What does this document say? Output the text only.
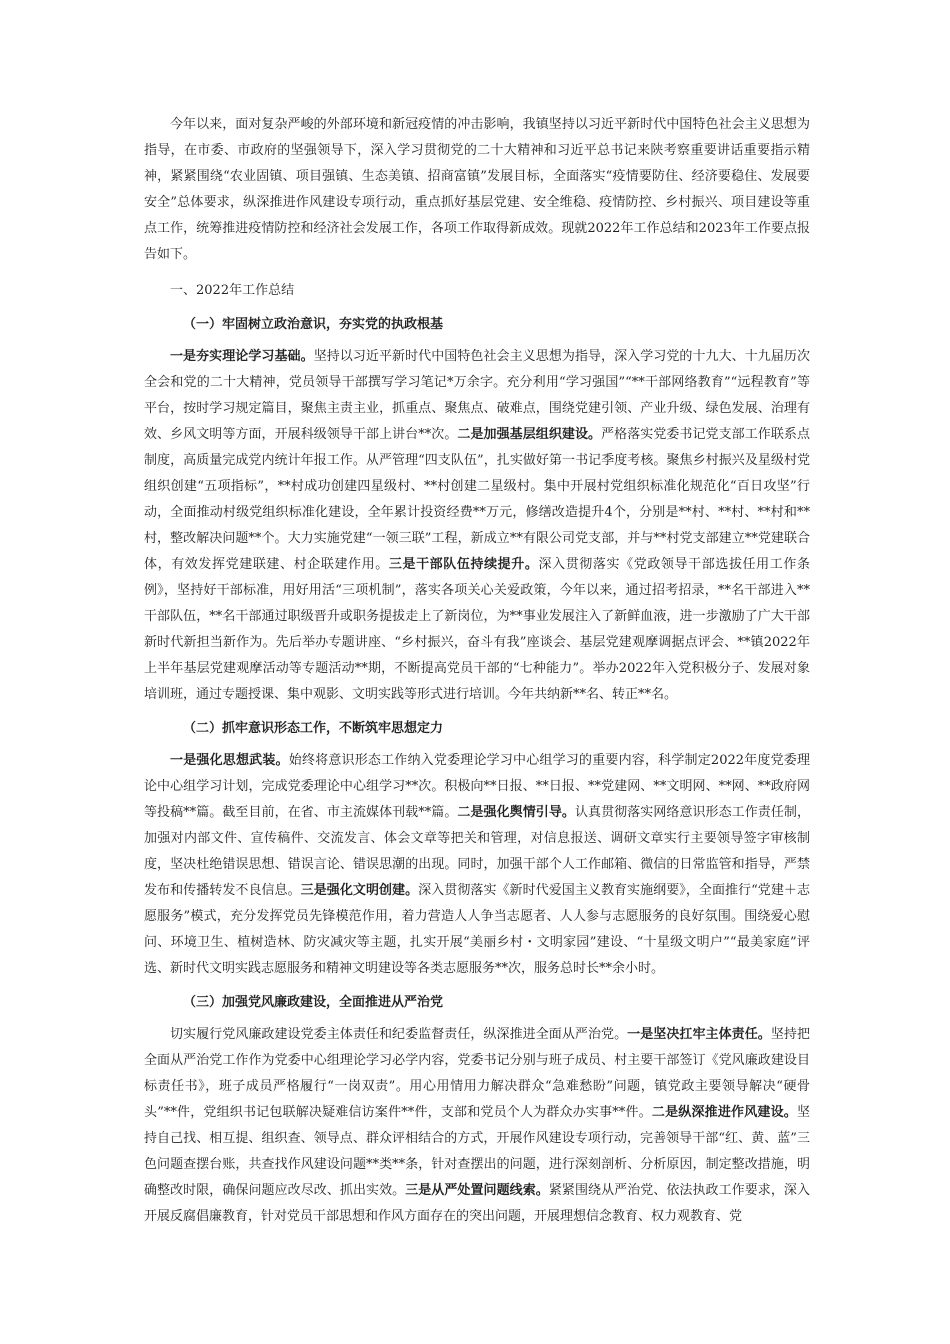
今年以来，面对复杂严峻的外部环境和新冠疫情的冲击影响，我镇坚持以习近平新时代中国特色社会主义思想为指导，在市委、市政府的坚强领导下，深入学习贯彻党的二十大精神和习近平总书记来陕考察重要讲话重要指示精神，紧紧围绕“农业固镇、项目强镇、生态美镇、招商富镇”发展目标，全面落实“疫情要防住、经济要稳住、发展要安全”总体要求，纵深推进作风建设专项行动，重点抓好基层党建、安全维稳、疫情防控、乡村振兴、项目建设等重点工作，统筹推进疫情防控和经济社会发展工作，各项工作取得新成效。现就2022年工作总结和2023年工作要点报告如下。

一、2022年工作总结

（一）牢固树立政治意识，夯实党的执政根基

一是夯实理论学习基础。坚持以习近平新时代中国特色社会主义思想为指导，深入学习党的十九大、十九届历次全会和党的二十大精神，党员领导干部撰写学习笔记*万余字。充分利用“学习强国”“**干部网络教育”“远程教育”等平台，按时学习规定篇目，聚焦主责主业，抓重点、聚焦点、破难点，围绕党建引领、产业升级、绿色发展、治理有效、乡风文明等方面，开展科级领导干部上讲台**次。二是加强基层组织建设。严格落实党委书记党支部工作联系点制度，高质量完成党内统计年报工作。从严管理“四支队伍”，扎实做好第一书记季度考核。聚焦乡村振兴及星级村党组织创建“五项指标”，**村成功创建四星级村、**村创建二星级村。集中开展村党组织标准化规范化“百日攻坚”行动，全面推动村级党组织标准化建设，全年累计投资经费**万元，修缮改造提升4个，分别是**村、**村、**村和**村，整改解决问题**个。大力实施党建“一领三联”工程，新成立**有限公司党支部，并与**村党支部建立**党建联合体，有效发挥党建联建、村企联建作用。三是干部队伍持续提升。深入贯彻落实《党政领导干部选拔任用工作条例》，坚持好干部标准，用好用活“三项机制”，落实各项关心关爱政策，今年以来，通过招考招录，**名干部进入**干部队伍，**名干部通过职级晋升或职务提拔走上了新岗位，为**事业发展注入了新鲜血液，进一步激励了广大干部新时代新担当新作为。先后举办专题讲座、“乡村振兴，奋斗有我”座谈会、基层党建观摩调据点评会、**镇2022年上半年基层党建观摩活动等专题活动**期，不断提高党员干部的“七种能力”。举办2022年入党积极分子、发展对象培训班，通过专题授课、集中观影、文明实践等形式进行培训。今年共纳新**名、转正**名。

（二）抓牢意识形态工作，不断筑牢思想定力

一是强化思想武装。始终将意识形态工作纳入党委理论学习中心组学习的重要内容，科学制定2022年度党委理论中心组学习计划，完成党委理论中心组学习**次。积极向**日报、**日报、**党建网、**文明网、**网、**政府网等投稿**篇。截至目前，在省、市主流媒体刊载**篇。二是强化舆情引导。认真贯彻落实网络意识形态工作责任制，加强对内部文件、宣传稿件、交流发言、体会文章等把关和管理，对信息报送、调研文章实行主要领导签字审核制度，坚决杜绝错误思想、错误言论、错误思潮的出现。同时，加强干部个人工作邮箱、微信的日常监管和指导，严禁发布和传播转发不良信息。三是强化文明创建。深入贯彻落实《新时代爱国主义教育实施纲要》，全面推行“党建＋志愿服务”模式，充分发挥党员先锋模范作用，着力营造人人争当志愿者、人人参与志愿服务的良好氛围。围绕爱心慰问、环境卫生、植树造林、防灾减灾等主题，扎实开展“美丽乡村・文明家园”建设、“十星级文明户”“最美家庭”评选、新时代文明实践志愿服务和精神文明建设等各类志愿服务**次，服务总时长**余小时。

（三）加强党风廉政建设，全面推进从严治党

切实履行党风廉政建设党委主体责任和纪委监督责任，纵深推进全面从严治党。一是坚决扛牢主体责任。坚持把全面从严治党工作作为党委中心组理论学习必学内容，党委书记分别与班子成员、村主要干部签订《党风廉政建设目标责任书》，班子成员严格履行“一岗双责”。用心用情用力解决群众“急难愁盼”问题，镇党政主要领导解决“硬骨头”**件，党组织书记包联解决疑难信访案件**件，支部和党员个人为群众办实事**件。二是纵深推进作风建设。坚持自己找、相互提、组织查、领导点、群众评相结合的方式，开展作风建设专项行动，完善领导干部“红、黄、蓝”三色问题查摆台账，共查找作风建设问题**类**条，针对查摆出的问题，进行深刻剖析、分析原因，制定整改措施，明确整改时限，确保问题应改尽改、抓出实效。三是从严处置问题线索。紧紧围绕从严治党、依法执政工作要求，深入开展反腐倡廉教育，针对党员干部思想和作风方面存在的突出问题，开展理想信念教育、权力观教育、党
